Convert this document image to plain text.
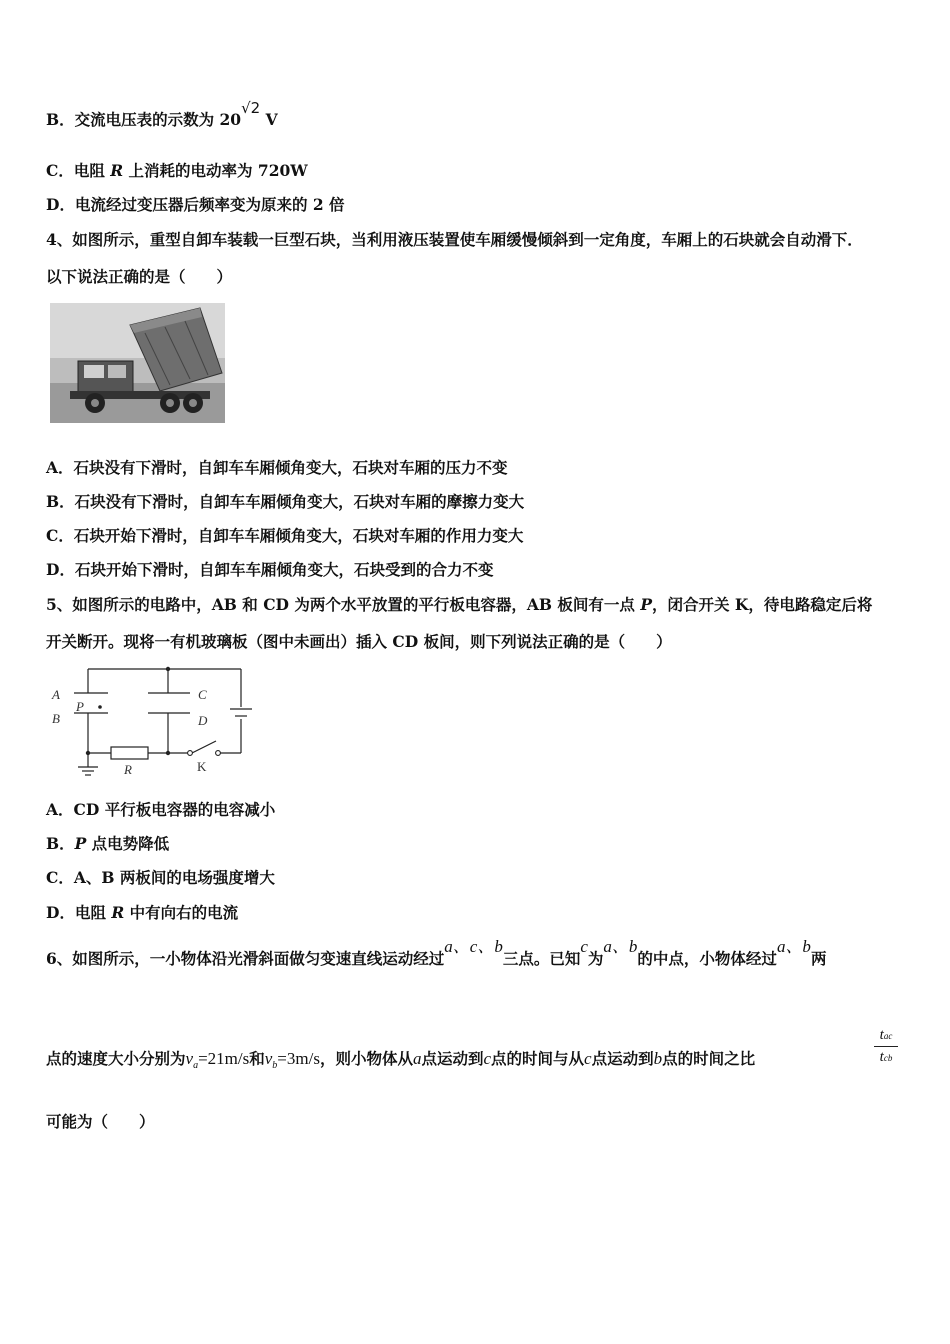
B．交流电压表的示数为 20√2 V
C．电阻 R 上消耗的电动率为 720W
D．电流经过变压器后频率变为原来的 2 倍
4、如图所示，重型自卸车装载一巨型石块，当利用液压装置使车厢缓慢倾斜到一定角度，车厢上的石块就会自动滑下．
以下说法正确的是（　　）
A．石块没有下滑时，自卸车车厢倾角变大，石块对车厢的压力不变
B．石块没有下滑时，自卸车车厢倾角变大，石块对车厢的摩擦力变大
C．石块开始下滑时，自卸车车厢倾角变大，石块对车厢的作用力变大
D．石块开始下滑时，自卸车车厢倾角变大，石块受到的合力不变
5、如图所示的电路中，AB 和 CD 为两个水平放置的平行板电容器，AB 板间有一点 P，闭合开关 K，待电路稳定后将
开关断开。现将一有机玻璃板（图中未画出）插入 CD 板间，则下列说法正确的是（　　）
A
B
C
D
P
R	K
A．CD 平行板电容器的电容减小
B．P 点电势降低
C．A、B 两板间的电场强度增大
D．电阻 R 中有向右的电流
6、如图所示，一小物体沿光滑斜面做匀变速直线运动经过a、c、b三点。已知c为a、b的中点，小物体经过a、b两
点的速度大小分别为$v_a=21m/s$和$v_b=3m/s$，则小物体从a点运动到c点的时间与从c点运动到b点的时间之比
tac
tcb
可能为（　　）
